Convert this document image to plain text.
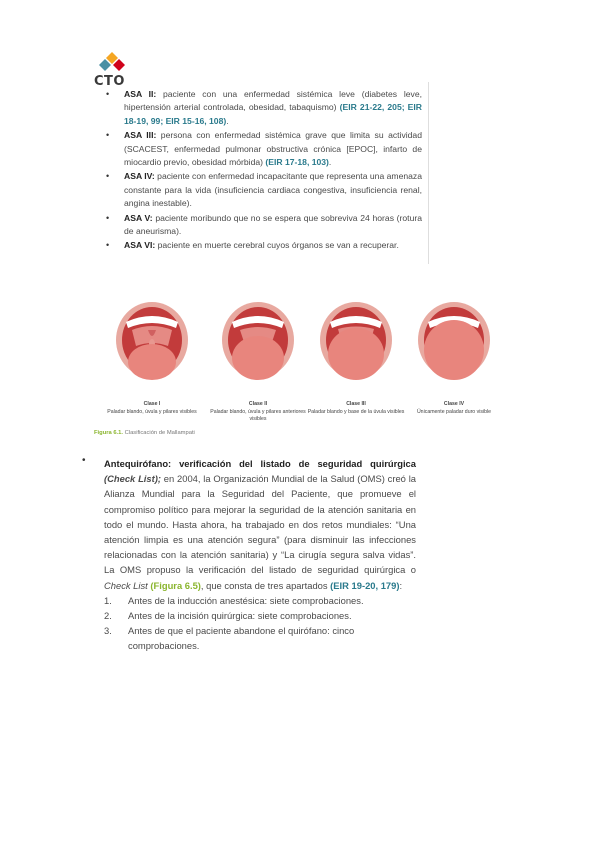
CTO
• ASA II: paciente con una enfermedad sistémica leve (diabetes leve, hipertensión arterial controlada, obesidad, tabaquismo) (EIR 21-22, 205; EIR 18-19, 99; EIR 15-16, 108).
• ASA III: persona con enfermedad sistémica grave que limita su actividad (SCACEST, enfermedad pulmonar obstructiva crónica [EPOC], infarto de miocardio previo, obesidad mórbida) (EIR 17-18, 103).
• ASA IV: paciente con enfermedad incapacitante que representa una amenaza constante para la vida (insuficiencia cardiaca congestiva, insuficiencia renal, angina inestable).
• ASA V: paciente moribundo que no se espera que sobreviva 24 horas (rotura de aneurisma).
• ASA VI: paciente en muerte cerebral cuyos órganos se van a recuperar.
Clase I
Paladar blando, úvula y pilares visibles
Clase II
Paladar blando, úvula y pilares anteriores visibles
Clase III
Paladar blando y base de la úvula visibles
Clase IV
Únicamente paladar duro visible
Figura 6.1. Clasificación de Mallampati
• Antequirófano: verificación del listado de seguridad quirúrgica (Check List); en 2004, la Organización Mundial de la Salud (OMS) creó la Alianza Mundial para la Seguridad del Paciente, que promueve el compromiso político para mejorar la seguridad de la atención sanitaria en todo el mundo. Hasta ahora, ha trabajado en dos retos mundiales: “Una atención limpia es una atención segura” (para disminuir las infecciones relacionadas con la atención sanitaria) y “La cirugía segura salva vidas”. La OMS propuso la verificación del listado de seguridad quirúrgica o Check List (Figura 6.5), que consta de tres apartados (EIR 19-20, 179):
1. Antes de la inducción anestésica: siete comprobaciones.
2. Antes de la incisión quirúrgica: siete comprobaciones.
3. Antes de que el paciente abandone el quirófano: cinco comprobaciones.
